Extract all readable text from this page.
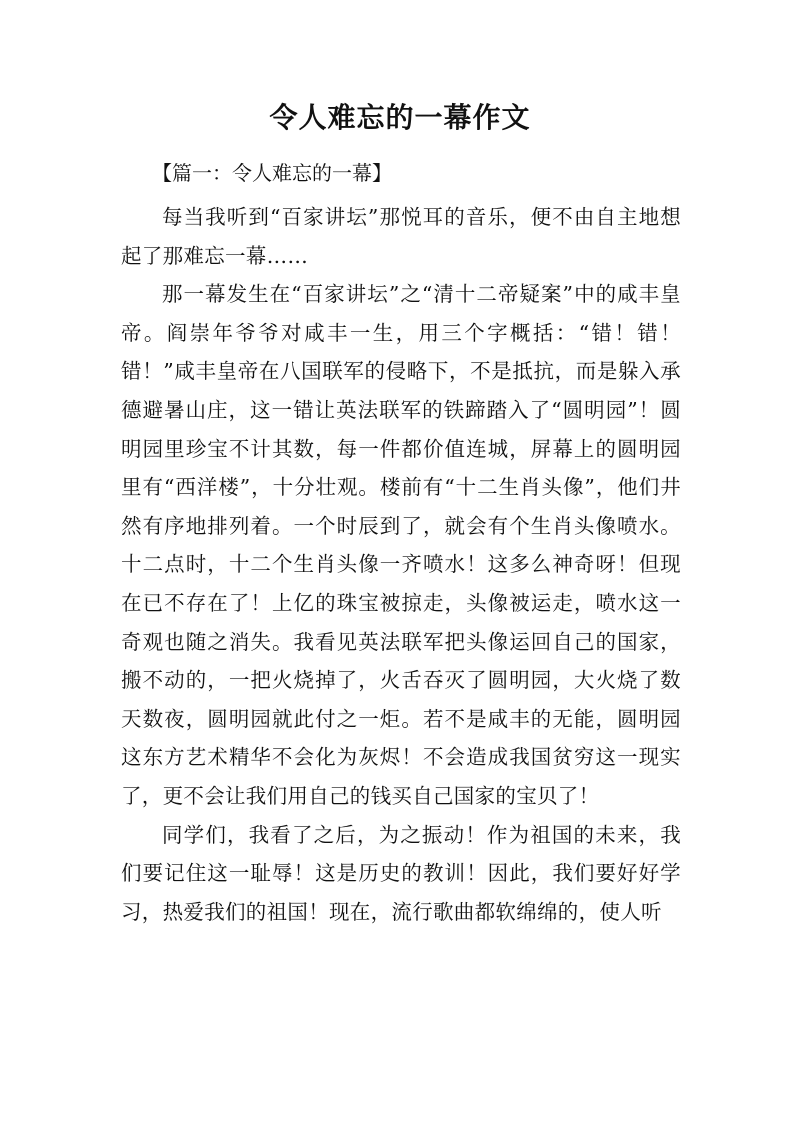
令人难忘的一幕作文

【篇一：令人难忘的一幕】

每当我听到“百家讲坛”那悦耳的音乐，便不由自主地想起了那难忘一幕……

那一幕发生在“百家讲坛”之“清十二帝疑案”中的咸丰皇帝。阎崇年爷爷对咸丰一生，用三个字概括：“错！错！错！”咸丰皇帝在八国联军的侵略下，不是抵抗，而是躲入承德避暑山庄，这一错让英法联军的铁蹄踏入了“圆明园”！圆明园里珍宝不计其数，每一件都价值连城，屏幕上的圆明园里有“西洋楼”，十分壮观。楼前有“十二生肖头像”，他们井然有序地排列着。一个时辰到了，就会有个生肖头像喷水。十二点时，十二个生肖头像一齐喷水！这多么神奇呀！但现在已不存在了！上亿的珠宝被掠走，头像被运走，喷水这一奇观也随之消失。我看见英法联军把头像运回自己的国家，搬不动的，一把火烧掉了，火舌吞灭了圆明园，大火烧了数天数夜，圆明园就此付之一炬。若不是咸丰的无能，圆明园这东方艺术精华不会化为灰烬！不会造成我国贫穷这一现实了，更不会让我们用自己的钱买自己国家的宝贝了！

同学们，我看了之后，为之振动！作为祖国的未来，我们要记住这一耻辱！这是历史的教训！因此，我们要好好学习，热爱我们的祖国！现在，流行歌曲都软绵绵的，使人听
